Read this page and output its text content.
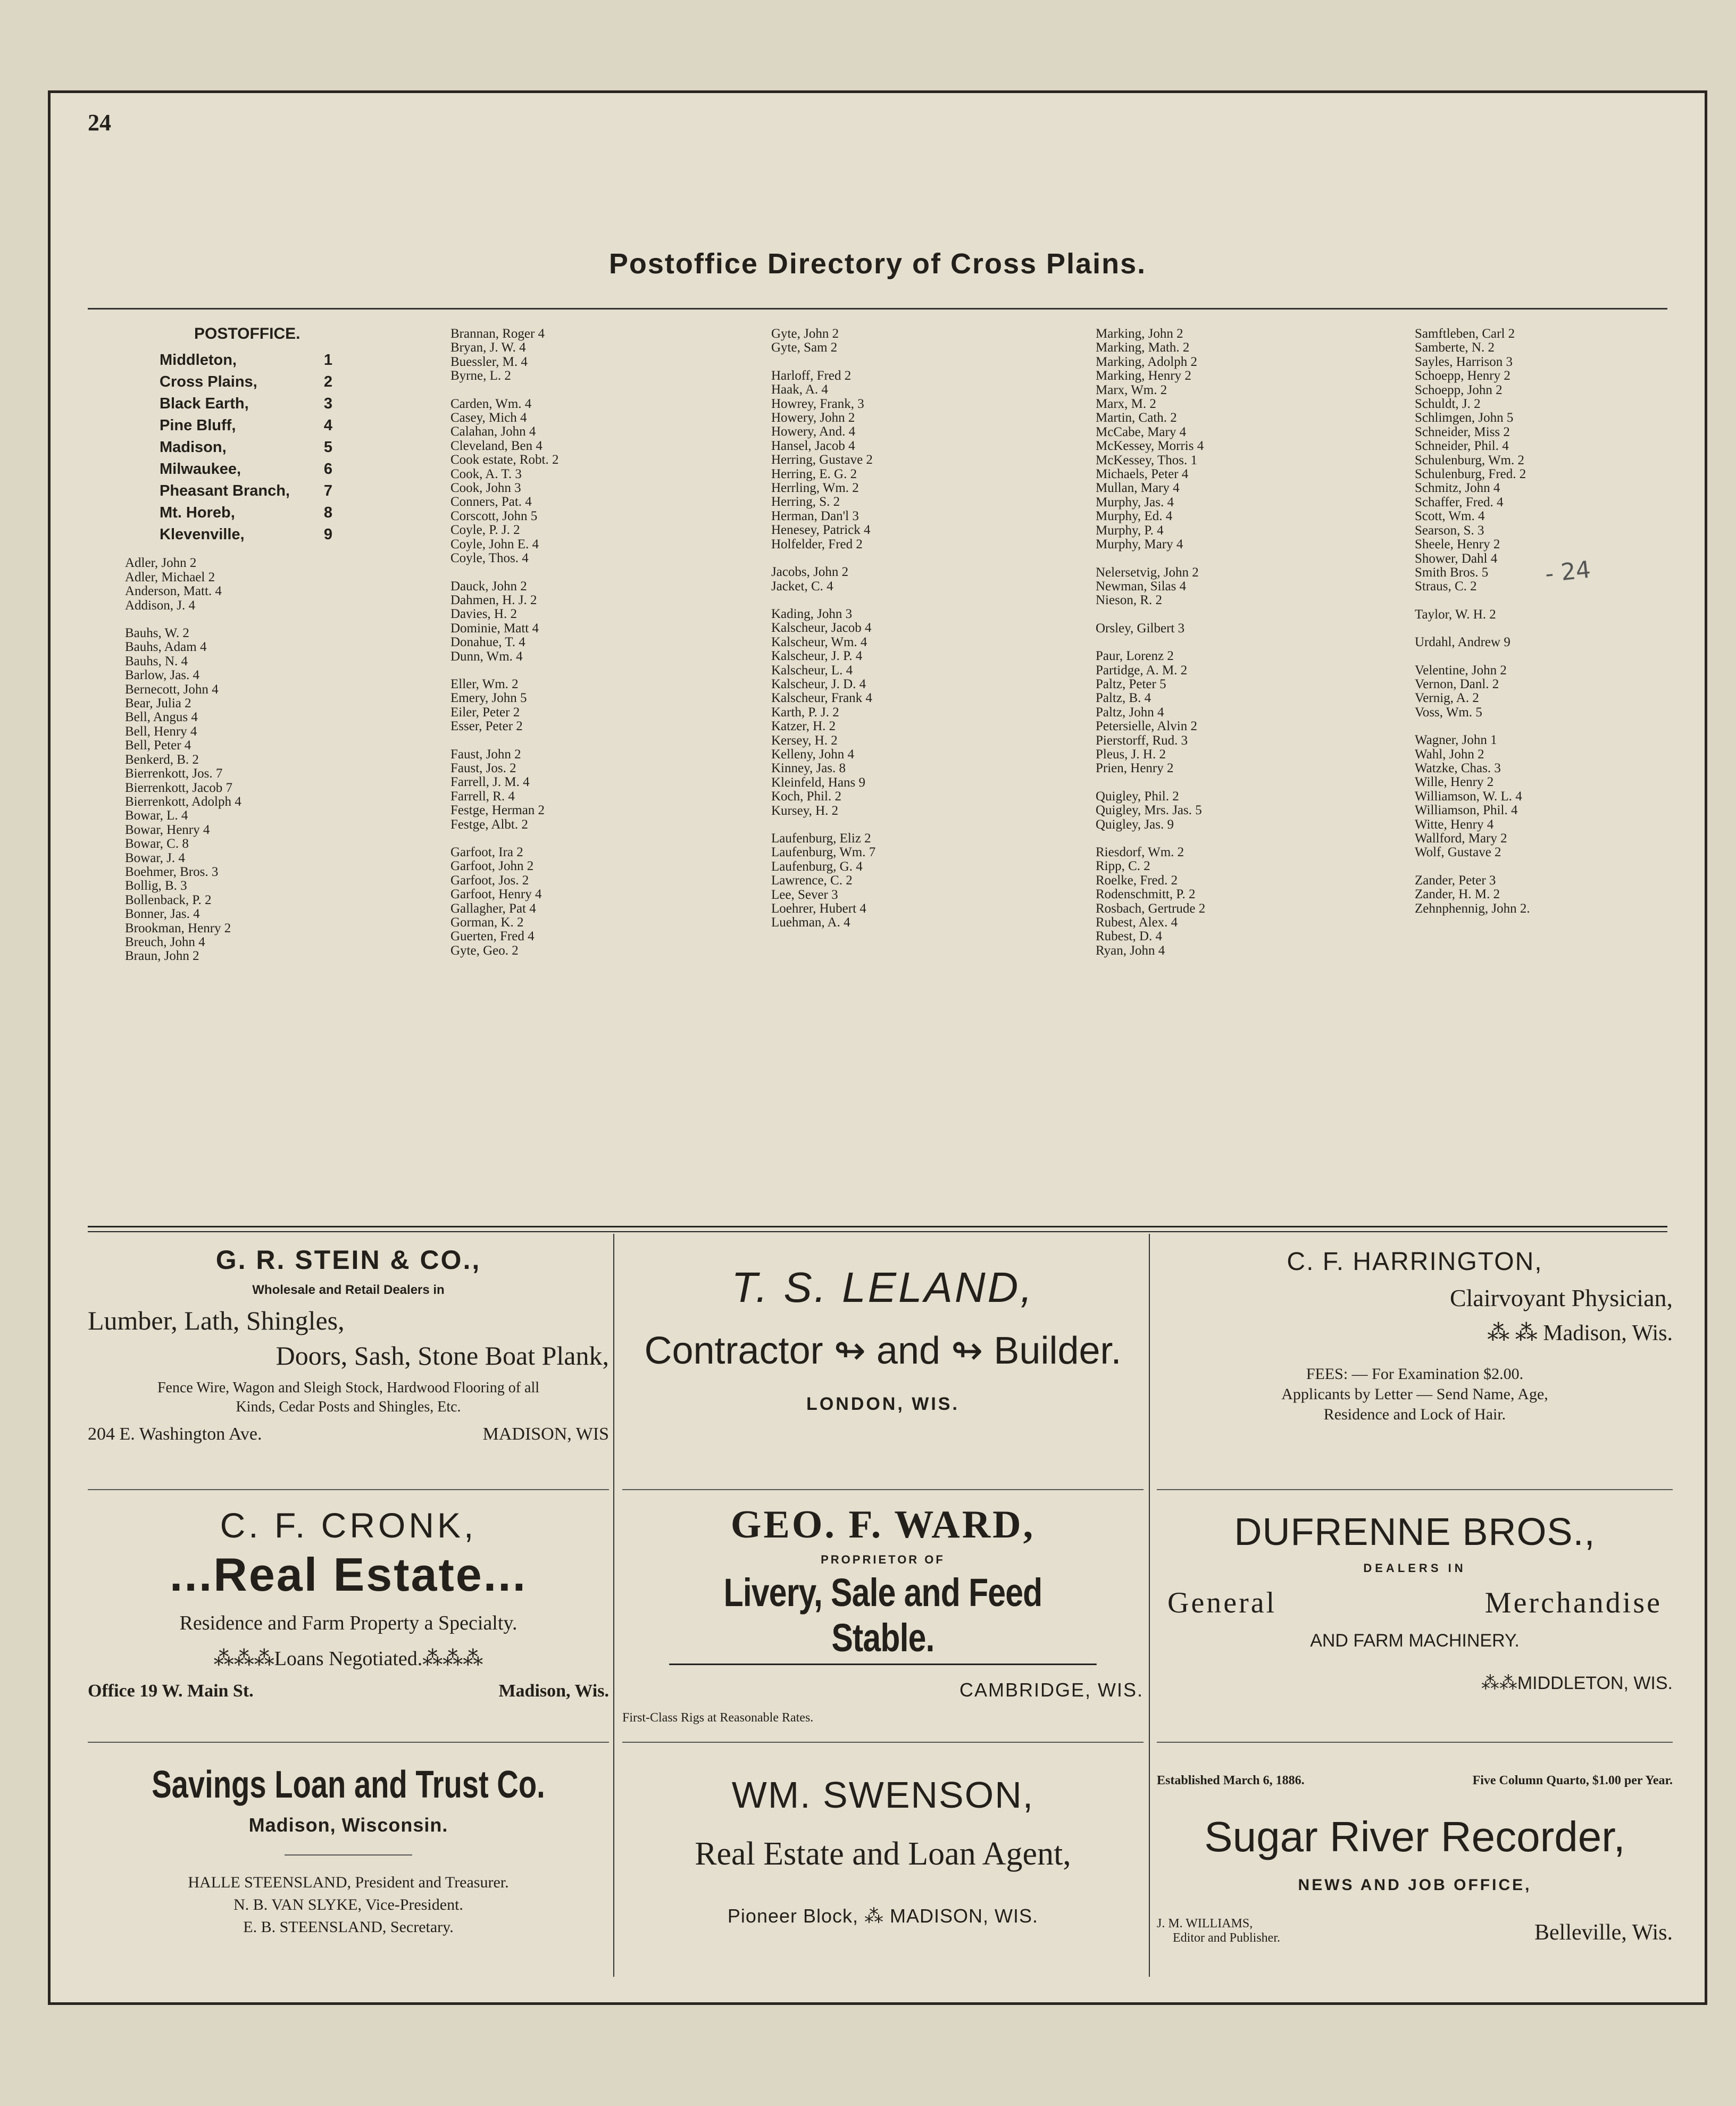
24
Postoffice Directory of Cross Plains.
POSTOFFICE.
Middleton,	1
Cross Plains,	2
Black Earth,	3
Pine Bluff,	4
Madison,	5
Milwaukee,	6
Pheasant Branch, 7
Mt. Horeb,	8
Klevenville,	9
Adler, John 2
Adler, Michael 2
Anderson, Matt. 4
Addison, J. 4
Bauhs, W. 2
Bauhs, Adam 4
Bauhs, N. 4
Barlow, Jas. 4
Bernecott, John 4
Bear, Julia 2
Bell, Angus 4
Bell, Henry 4
Bell, Peter 4
Benkerd, B. 2
Bierrenkott, Jos. 7
Bierrenkott, Jacob 7
Bierrenkott, Adolph 4
Bowar, L. 4
Bowar, Henry 4
Bowar, C. 8
Bowar, J. 4
Boehmer, Bros. 3
Bollig, B. 3
Bollenback, P. 2
Bonner, Jas. 4
Brookman, Henry 2
Breuch, John 4
Braun, John 2
Brannan, Roger 4
Bryan, J. W. 4
Buessler, M. 4
Byrne, L. 2
Carden, Wm. 4
Casey, Mich 4
Calahan, John 4
Cleveland, Ben 4
Cook estate, Robt. 2
Cook, A. T. 3
Cook, John 3
Conners, Pat. 4
Corscott, John 5
Coyle, P. J. 2
Coyle, John E. 4
Coyle, Thos. 4
Dauck, John 2
Dahmen, H. J. 2
Davies, H. 2
Dominie, Matt 4
Donahue, T. 4
Dunn, Wm. 4
Eller, Wm. 2
Emery, John 5
Eiler, Peter 2
Esser, Peter 2
Faust, John 2
Faust, Jos. 2
Farrell, J. M. 4
Farrell, R. 4
Festge, Herman 2
Festge, Albt. 2
Garfoot, Ira 2
Garfoot, John 2
Garfoot, Jos. 2
Garfoot, Henry 4
Gallagher, Pat 4
Gorman, K. 2
Guerten, Fred 4
Gyte, Geo. 2
Gyte, John 2
Gyte, Sam 2
Harloff, Fred 2
Haak, A. 4
Howrey, Frank, 3
Howery, John 2
Howery, And. 4
Hansel, Jacob 4
Herring, Gustave 2
Herring, E. G. 2
Herrling, Wm. 2
Herring, S. 2
Herman, Dan'l 3
Henesey, Patrick 4
Holfelder, Fred 2
Jacobs, John 2
Jacket, C. 4
Kading, John 3
Kalscheur, Jacob 4
Kalscheur, Wm. 4
Kalscheur, J. P. 4
Kalscheur, L. 4
Kalscheur, J. D. 4
Kalscheur, Frank 4
Karth, P. J. 2
Katzer, H. 2
Kersey, H. 2
Kelleny, John 4
Kinney, Jas. 8
Kleinfeld, Hans 9
Koch, Phil. 2
Kursey, H. 2
Laufenburg, Eliz 2
Laufenburg, Wm. 7
Laufenburg, G. 4
Lawrence, C. 2
Lee, Sever 3
Loehrer, Hubert 4
Luehman, A. 4
Marking, John 2
Marking, Math. 2
Marking, Adolph 2
Marking, Henry 2
Marx, Wm. 2
Marx, M. 2
Martin, Cath. 2
McCabe, Mary 4
McKessey, Morris 4
McKessey, Thos. 1
Michaels, Peter 4
Mullan, Mary 4
Murphy, Jas. 4
Murphy, Ed. 4
Murphy, P. 4
Murphy, Mary 4
Nelersetvig, John 2
Newman, Silas 4
Nieson, R. 2
Orsley, Gilbert 3
Paur, Lorenz 2
Partidge, A. M. 2
Paltz, Peter 5
Paltz, B. 4
Paltz, John 4
Petersielle, Alvin 2
Pierstorff, Rud. 3
Pleus, J. H. 2
Prien, Henry 2
Quigley, Phil. 2
Quigley, Mrs. Jas. 5
Quigley, Jas. 9
Riesdorf, Wm. 2
Ripp, C. 2
Roelke, Fred. 2
Rodenschmitt, P. 2
Rosbach, Gertrude 2
Rubest, Alex. 4
Rubest, D. 4
Ryan, John 4
Samftleben, Carl 2
Samberte, N. 2
Sayles, Harrison 3
Schoepp, Henry 2
Schoepp, John 2
Schuldt, J. 2
Schlimgen, John 5
Schneider, Miss 2
Schneider, Phil. 4
Schulenburg, Wm. 2
Schulenburg, Fred. 2
Schmitz, John 4
Schaffer, Fred. 4
Scott, Wm. 4
Searson, S. 3
Sheele, Henry 2
Shower, Dahl 4
Smith Bros. 5
Straus, C. 2
Taylor, W. H. 2
Urdahl, Andrew 9
Velentine, John 2
Vernon, Danl. 2
Vernig, A. 2
Voss, Wm. 5
Wagner, John 1
Wahl, John 2
Watzke, Chas. 3
Wille, Henry 2
Williamson, W. L. 4
Williamson, Phil. 4
Witte, Henry 4
Wallford, Mary 2
Wolf, Gustave 2
Zander, Peter 3
Zander, H. M. 2
Zehnphennig, John 2.
- 24
G. R. STEIN & CO.,
Wholesale and Retail Dealers in
Lumber, Lath, Shingles,
Doors, Sash, Stone Boat Plank,
Fence Wire, Wagon and Sleigh Stock, Hardwood Flooring of all
Kinds, Cedar Posts and Shingles, Etc.
204 E. Washington Ave.	MADISON, WIS
T. S. LELAND,
Contractor ↬ and ↬ Builder.
LONDON, WIS.
C. F. HARRINGTON,
Clairvoyant Physician,
⁂ ⁂ Madison, Wis.
FEES: — For Examination $2.00.
Applicants by Letter — Send Name, Age,
Residence and Lock of Hair.
C. F. CRONK,
...Real Estate...
Residence and Farm Property a Specialty.
⁂⁂⁂Loans Negotiated.⁂⁂⁂
Office 19 W. Main St.	Madison, Wis.
GEO. F. WARD,
PROPRIETOR OF
Livery, Sale and Feed Stable.
CAMBRIDGE, WIS.
First-Class Rigs at Reasonable Rates.
DUFRENNE BROS.,
DEALERS IN
General	Merchandise
AND FARM MACHINERY.
⁂⁂MIDDLETON, WIS.
Savings Loan and Trust Co.
Madison, Wisconsin.
HALLE STEENSLAND, President and Treasurer.
N. B. VAN SLYKE, Vice-President.
E. B. STEENSLAND, Secretary.
WM. SWENSON,
Real Estate and Loan Agent,
Pioneer Block, ⁂ MADISON, WIS.
Established March 6, 1886.	Five Column Quarto, $1.00 per Year.
Sugar River Recorder,
NEWS AND JOB OFFICE,
J. M. WILLIAMS,
Editor and Publisher.	Belleville, Wis.
